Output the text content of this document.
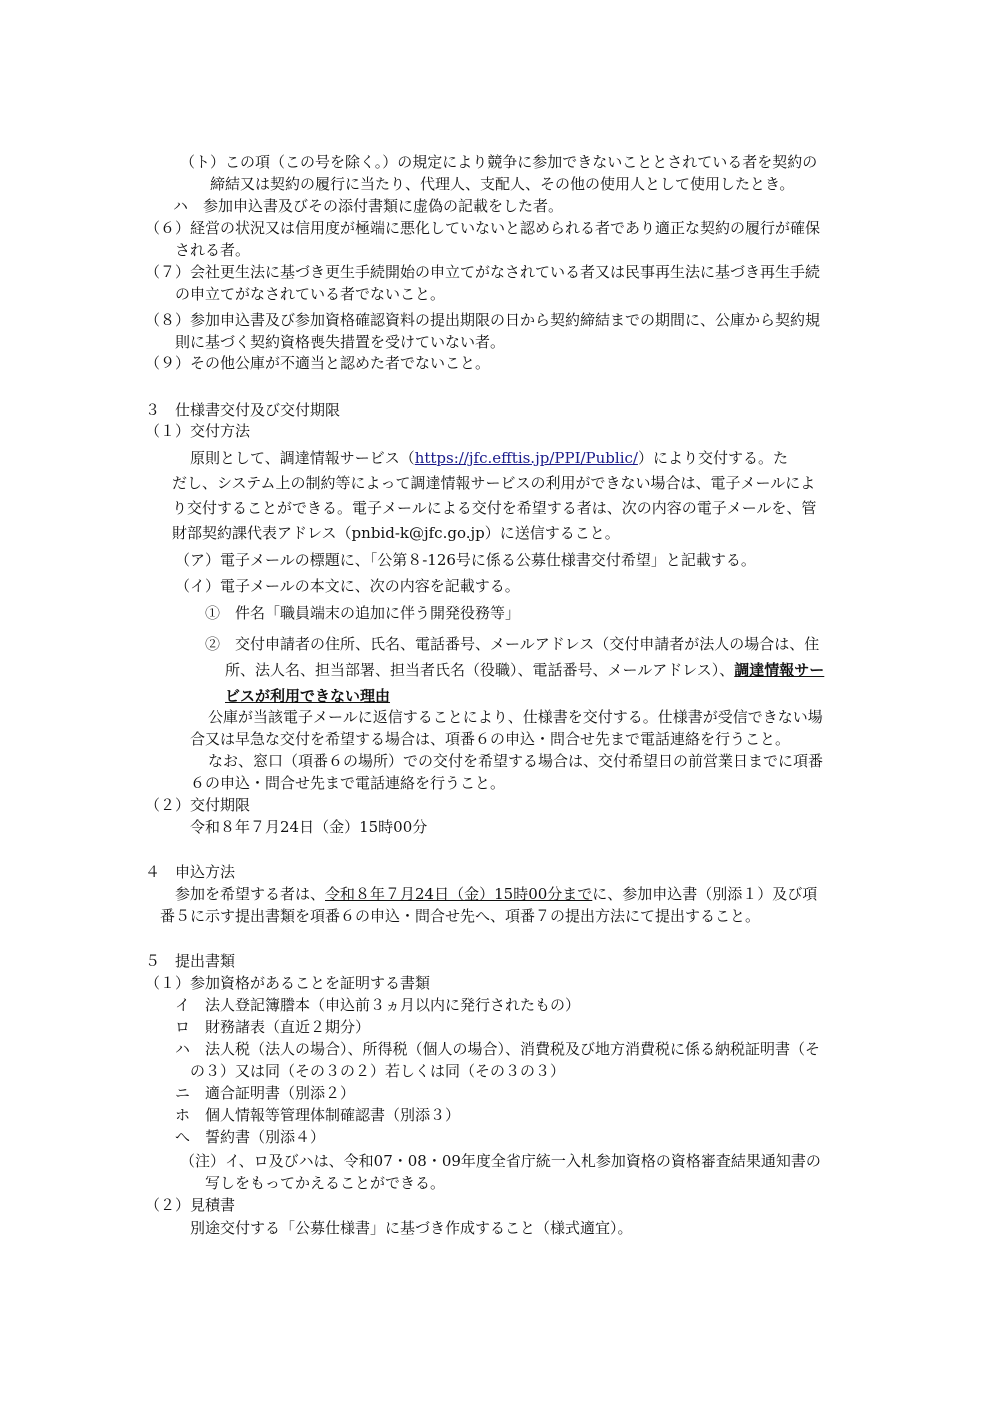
（ト）この項（この号を除く。）の規定により競争に参加できないこととされている者を契約の
締結又は契約の履行に当たり、代理人、支配人、その他の使用人として使用したとき。
ハ　参加申込書及びその添付書類に虚偽の記載をした者。
（６）経営の状況又は信用度が極端に悪化していないと認められる者であり適正な契約の履行が確保
される者。
（７）会社更生法に基づき更生手続開始の申立てがなされている者又は民事再生法に基づき再生手続
の申立てがなされている者でないこと。
（８）参加申込書及び参加資格確認資料の提出期限の日から契約締結までの期間に、公庫から契約規
則に基づく契約資格喪失措置を受けていない者。
（９）その他公庫が不適当と認めた者でないこと。
３　仕様書交付及び交付期限
（１）交付方法
原則として、調達情報サービス（https://jfc.efftis.jp/PPI/Public/）により交付する。た
だし、システム上の制約等によって調達情報サービスの利用ができない場合は、電子メールによ
り交付することができる。電子メールによる交付を希望する者は、次の内容の電子メールを、管
財部契約課代表アドレス（pnbid-k@jfc.go.jp）に送信すること。
（ア）電子メールの標題に、「公第８-126号に係る公募仕様書交付希望」と記載する。
（イ）電子メールの本文に、次の内容を記載する。
①　件名「職員端末の追加に伴う開発役務等」
②　交付申請者の住所、氏名、電話番号、メールアドレス（交付申請者が法人の場合は、住
所、法人名、担当部署、担当者氏名（役職）、電話番号、メールアドレス）、調達情報サー
ビスが利用できない理由
公庫が当該電子メールに返信することにより、仕様書を交付する。仕様書が受信できない場
合又は早急な交付を希望する場合は、項番６の申込・問合せ先まで電話連絡を行うこと。
なお、窓口（項番６の場所）での交付を希望する場合は、交付希望日の前営業日までに項番
６の申込・問合せ先まで電話連絡を行うこと。
（２）交付期限
令和８年７月24日（金）15時00分
４　申込方法
参加を希望する者は、令和８年７月24日（金）15時00分までに、参加申込書（別添１）及び項
番５に示す提出書類を項番６の申込・問合せ先へ、項番７の提出方法にて提出すること。
５　提出書類
（１）参加資格があることを証明する書類
イ　法人登記簿謄本（申込前３ヵ月以内に発行されたもの）
ロ　財務諸表（直近２期分）
ハ　法人税（法人の場合）、所得税（個人の場合）、消費税及び地方消費税に係る納税証明書（そ
の３）又は同（その３の２）若しくは同（その３の３）
ニ　適合証明書（別添２）
ホ　個人情報等管理体制確認書（別添３）
へ　誓約書（別添４）
（注）イ、ロ及びハは、令和07・08・09年度全省庁統一入札参加資格の資格審査結果通知書の
写しをもってかえることができる。
（２）見積書
別途交付する「公募仕様書」に基づき作成すること（様式適宜）。
